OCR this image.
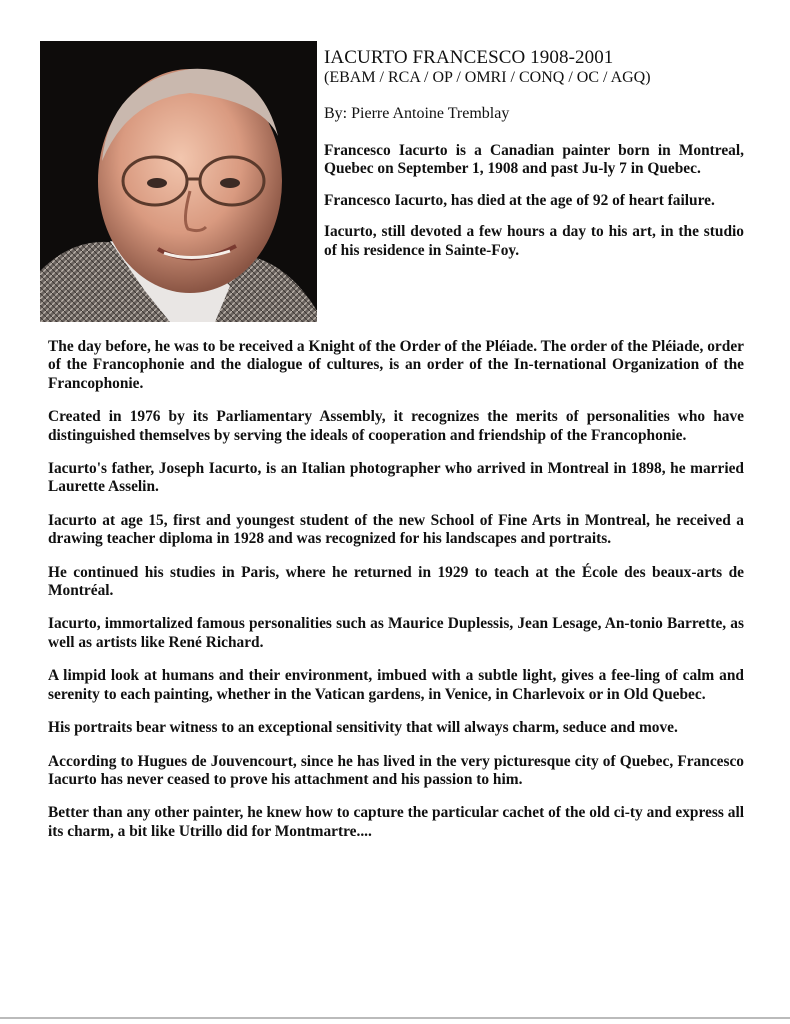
IACURTO FRANCESCO 1908-2001
(EBAM / RCA / OP / OMRI / CONQ / OC / AGQ)
By: Pierre Antoine Tremblay

Francesco Iacurto is a Canadian painter born in Montreal, Quebec on September 1, 1908 and past Ju-ly 7 in Quebec.

Francesco Iacurto, has died at the age of 92 of heart failure.

Iacurto, still devoted a few hours a day to his art, in the studio of his residence in Sainte-Foy.

The day before, he was to be received a Knight of the Order of the Pléiade. The order of the Pléiade, order of the Francophonie and the dialogue of cultures, is an order of the In-ternational Organization of the Francophonie.

Created in 1976 by its Parliamentary Assembly, it recognizes the merits of personalities who have distinguished themselves by serving the ideals of cooperation and friendship of the Francophonie.

Iacurto's father, Joseph Iacurto, is an Italian photographer who arrived in Montreal in 1898, he married Laurette Asselin.

Iacurto at age 15, first and youngest student of the new School of Fine Arts in Montreal, he received a drawing teacher diploma in 1928 and was recognized for his landscapes and portraits.

He continued his studies in Paris, where he returned in 1929 to teach at the École des beaux-arts de Montréal.

Iacurto, immortalized famous personalities such as Maurice Duplessis, Jean Lesage, An-tonio Barrette, as well as artists like René Richard.

A limpid look at humans and their environment, imbued with a subtle light, gives a fee-ling of calm and serenity to each painting, whether in the Vatican gardens, in Venice, in Charlevoix or in Old Quebec.

His portraits bear witness to an exceptional sensitivity that will always charm, seduce and move.

According to Hugues de Jouvencourt, since he has lived in the very picturesque city of Quebec, Francesco Iacurto has never ceased to prove his attachment and his passion to him.

Better than any other painter, he knew how to capture the particular cachet of the old ci-ty and express all its charm, a bit like Utrillo did for Montmartre....
